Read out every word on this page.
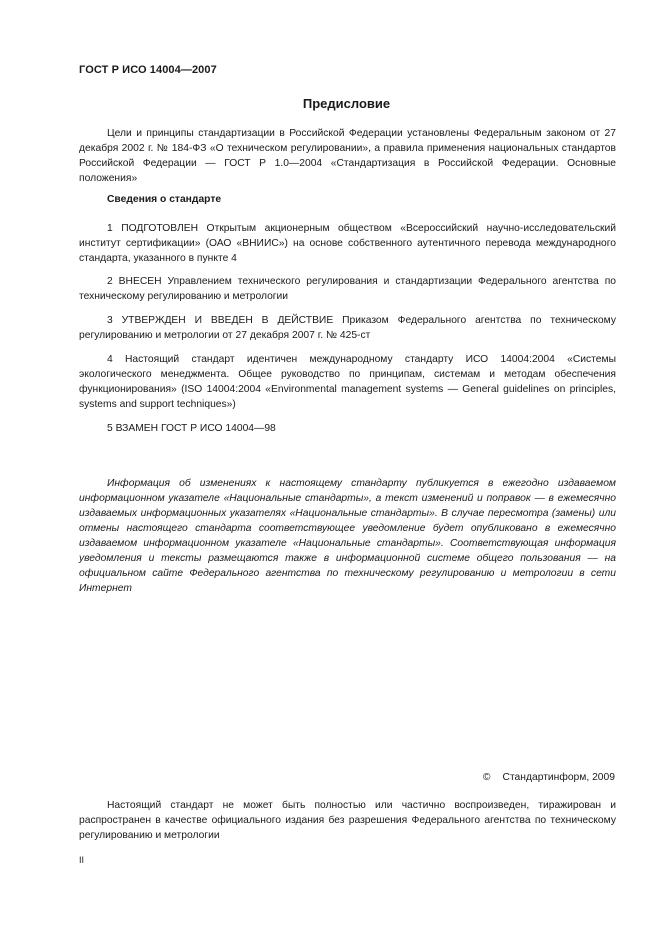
ГОСТ Р ИСО 14004—2007
Предисловие

Цели и принципы стандартизации в Российской Федерации установлены Федеральным законом от 27 декабря 2002 г. № 184-ФЗ «О техническом регулировании», а правила применения национальных стандартов Российской Федерации — ГОСТ Р 1.0—2004 «Стандартизация в Российской Федерации. Основные положения»

Сведения о стандарте

1 ПОДГОТОВЛЕН Открытым акционерным обществом «Всероссийский научно-исследовательский институт сертификации» (ОАО «ВНИИС») на основе собственного аутентичного перевода международного стандарта, указанного в пункте 4

2 ВНЕСЕН Управлением технического регулирования и стандартизации Федерального агентства по техническому регулированию и метрологии

3 УТВЕРЖДЕН И ВВЕДЕН В ДЕЙСТВИЕ Приказом Федерального агентства по техническому регулированию и метрологии от 27 декабря 2007 г. № 425-ст

4 Настоящий стандарт идентичен международному стандарту ИСО 14004:2004 «Системы экологического менеджмента. Общее руководство по принципам, системам и методам обеспечения функционирования» (ISO 14004:2004 «Environmental management systems — General guidelines on principles, systems and support techniques»)

5 ВЗАМЕН ГОСТ Р ИСО 14004—98

Информация об изменениях к настоящему стандарту публикуется в ежегодно издаваемом информационном указателе «Национальные стандарты», а текст изменений и поправок — в ежемесячно издаваемых информационных указателях «Национальные стандарты». В случае пересмотра (замены) или отмены настоящего стандарта соответствующее уведомление будет опубликовано в ежемесячно издаваемом информационном указателе «Национальные стандарты». Соответствующая информация уведомления и тексты размещаются также в информационной системе общего пользования — на официальном сайте Федерального агентства по техническому регулированию и метрологии в сети Интернет

© Стандартинформ, 2009

Настоящий стандарт не может быть полностью или частично воспроизведен, тиражирован и распространен в качестве официального издания без разрешения Федерального агентства по техническому регулированию и метрологии

II
